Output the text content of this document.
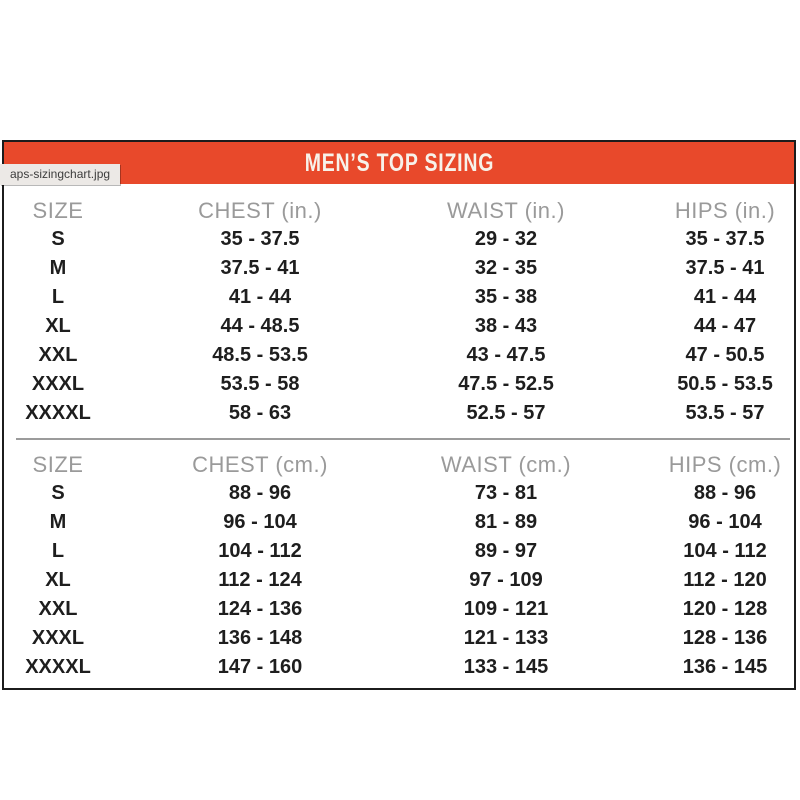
MEN’S TOP SIZING
aps-sizingchart.jpg
SIZE	CHEST (in.)	WAIST (in.)	HIPS (in.)
S	35 - 37.5	29 - 32	35 - 37.5
M	37.5 - 41	32 - 35	37.5 - 41
L	41 - 44	35 - 38	41 - 44
XL	44 - 48.5	38 - 43	44 - 47
XXL	48.5 - 53.5	43 - 47.5	47 - 50.5
XXXL	53.5 - 58	47.5 - 52.5	50.5 - 53.5
XXXXL	58 - 63	52.5 - 57	53.5 - 57
SIZE	CHEST (cm.)	WAIST (cm.)	HIPS (cm.)
S	88 - 96	73 - 81	88 - 96
M	96 - 104	81 - 89	96 - 104
L	104 - 112	89 - 97	104 - 112
XL	112 - 124	97 - 109	112 - 120
XXL	124 - 136	109 - 121	120 - 128
XXXL	136 - 148	121 - 133	128 - 136
XXXXL	147 - 160	133 - 145	136 - 145
